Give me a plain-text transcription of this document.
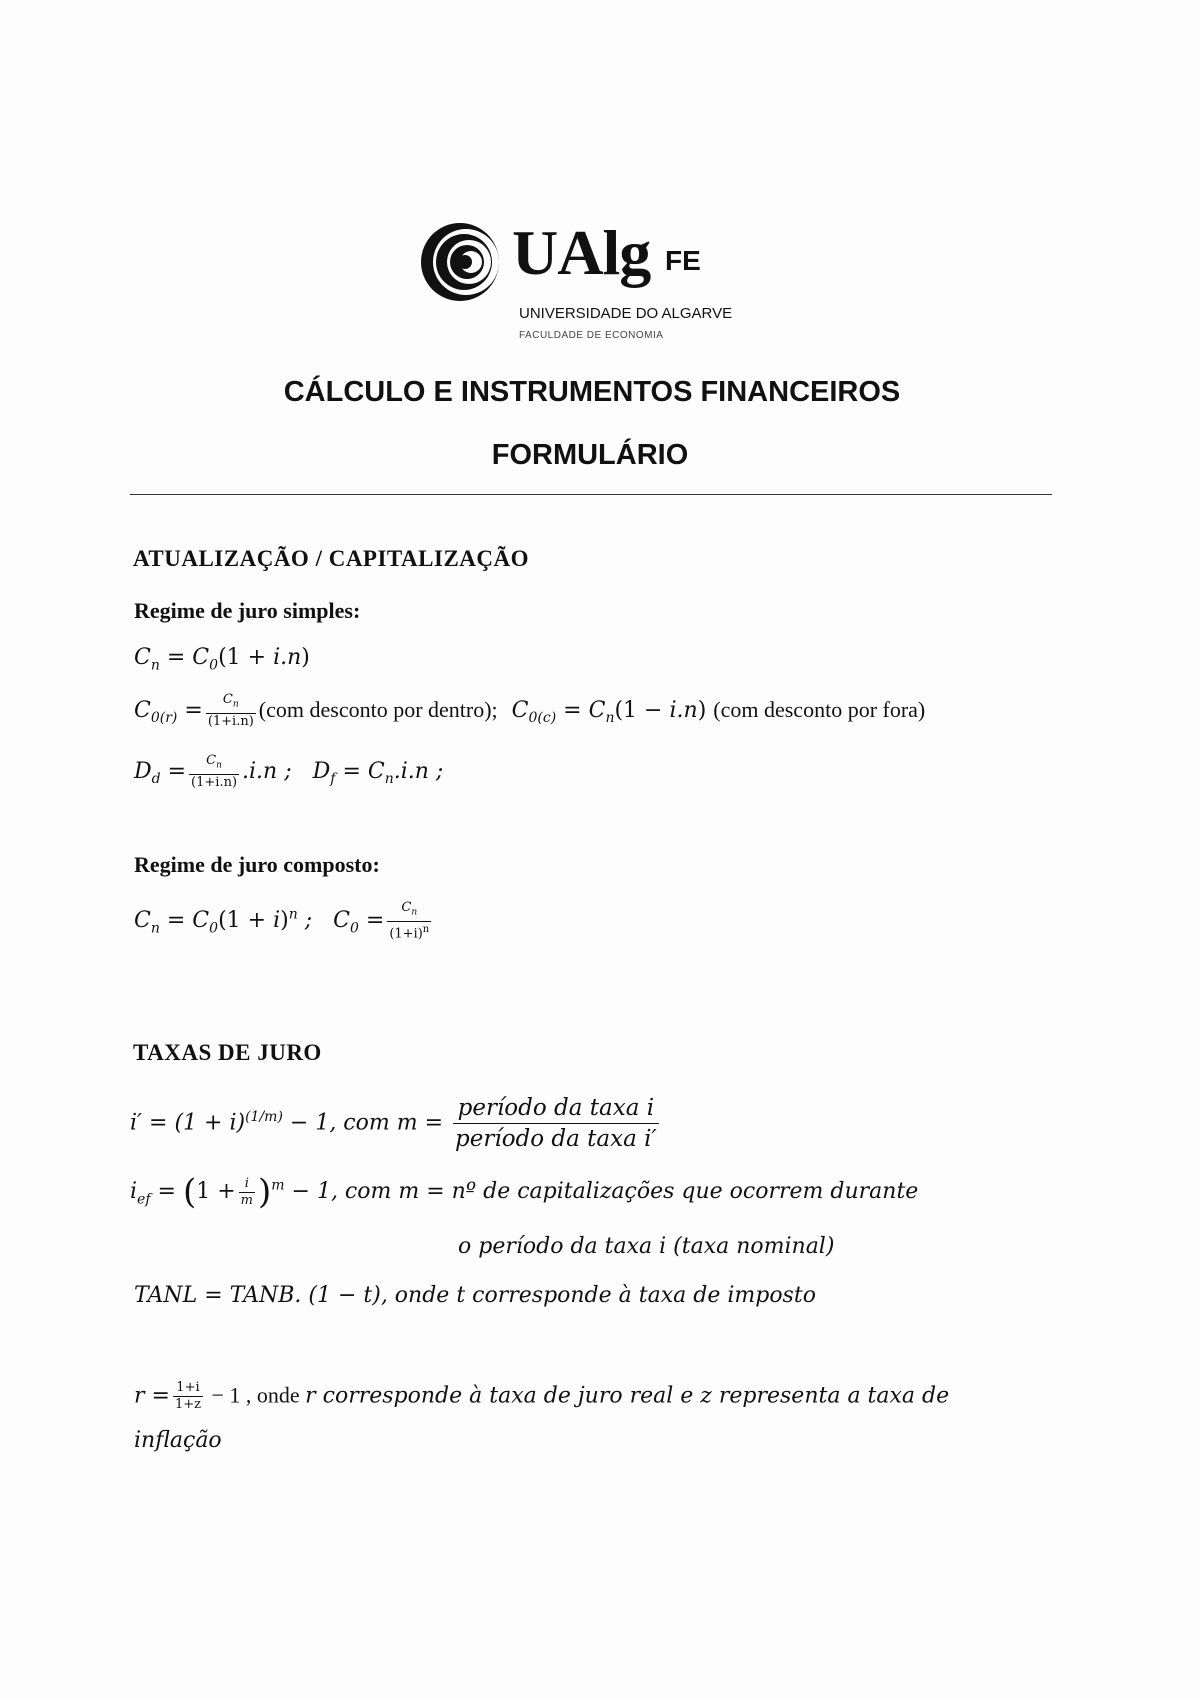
UAlg FE
UNIVERSIDADE DO ALGARVE
FACULDADE DE ECONOMIA
CÁLCULO E INSTRUMENTOS FINANCEIROS
FORMULÁRIO
ATUALIZAÇÃO / CAPITALIZAÇÃO
Regime de juro simples:
$C_n = C_0(1 + i.n)$
$C_{0(r)} = \frac{C_n}{(1+i.n)} (com$ desconto por dentro);  $C_{0(c)} = C_n(1 - i.n)$ (com desconto por fora)
$D_d = \frac{C_n}{(1+i.n)} .i.n$ ;   $D_f = C_n.i.n$ ;
Regime de juro composto:
$C_n = C_0(1 + i)^n$ ;   $C_0 = \frac{C_n}{(1+i)^n}$
TAXAS DE JURO
$i' = (1 + i)^{(1/m)} - 1$, com $m = \frac{\text{período da taxa i}}{\text{período da taxa i′}}$
$i_{ef} = (1 + \frac{i}{m} )^m - 1$, com m = nº de capitalizações que ocorrem durante
o período da taxa i (taxa nominal)
TANL = TANB. (1 − t), onde t corresponde à taxa de imposto
$r = \frac{1+i}{1+z} - 1$ , onde r corresponde à taxa de juro real e z representa a taxa de
inflação
